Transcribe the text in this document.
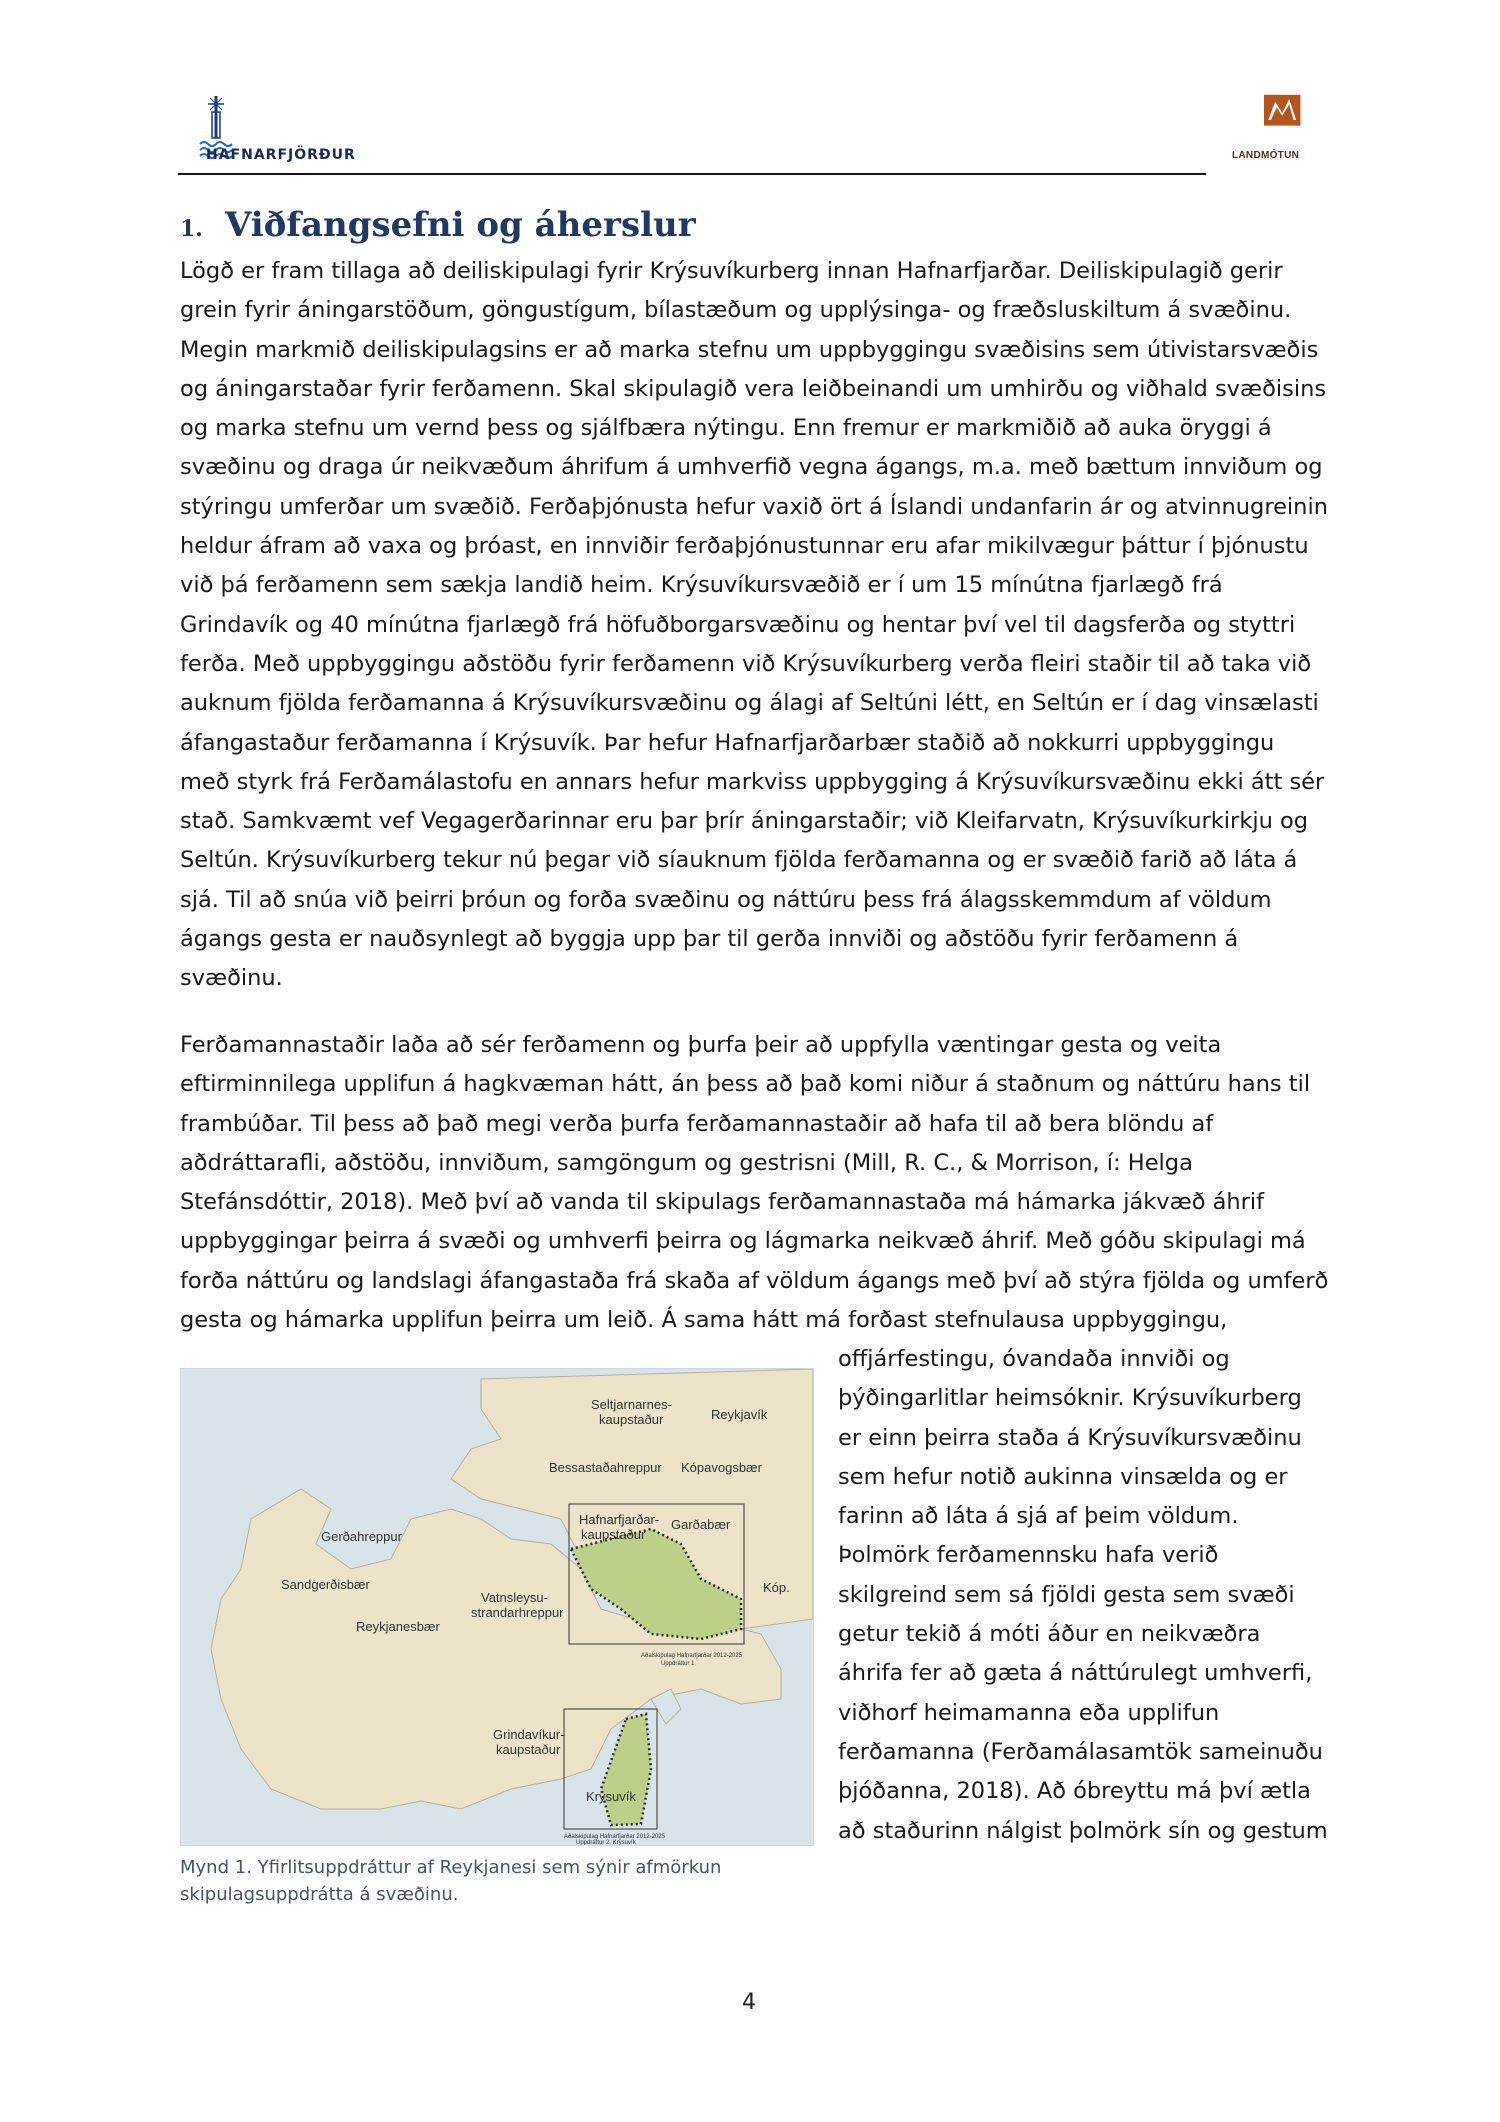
HAFNARFJÖRÐUR	LANDMÓTUN
1. Viðfangsefni og áherslur
Lögð er fram tillaga að deiliskipulagi fyrir Krýsuvíkurberg innan Hafnarfjarðar. Deiliskipulagið gerir
grein fyrir áningarstöðum, göngustígum, bílastæðum og upplýsinga- og fræðsluskiltum á svæðinu.
Megin markmið deiliskipulagsins er að marka stefnu um uppbyggingu svæðisins sem útivistarsvæðis
og áningarstaðar fyrir ferðamenn. Skal skipulagið vera leiðbeinandi um umhirðu og viðhald svæðisins
og marka stefnu um vernd þess og sjálfbæra nýtingu. Enn fremur er markmiðið að auka öryggi á
svæðinu og draga úr neikvæðum áhrifum á umhverfið vegna ágangs, m.a. með bættum innviðum og
stýringu umferðar um svæðið. Ferðaþjónusta hefur vaxið ört á Íslandi undanfarin ár og atvinnugreinin
heldur áfram að vaxa og þróast, en innviðir ferðaþjónustunnar eru afar mikilvægur þáttur í þjónustu
við þá ferðamenn sem sækja landið heim. Krýsuvíkursvæðið er í um 15 mínútna fjarlægð frá
Grindavík og 40 mínútna fjarlægð frá höfuðborgarsvæðinu og hentar því vel til dagsferða og styttri
ferða. Með uppbyggingu aðstöðu fyrir ferðamenn við Krýsuvíkurberg verða fleiri staðir til að taka við
auknum fjölda ferðamanna á Krýsuvíkursvæðinu og álagi af Seltúni létt, en Seltún er í dag vinsælasti
áfangastaður ferðamanna í Krýsuvík. Þar hefur Hafnarfjarðarbær staðið að nokkurri uppbyggingu
með styrk frá Ferðamálastofu en annars hefur markviss uppbygging á Krýsuvíkursvæðinu ekki átt sér
stað. Samkvæmt vef Vegagerðarinnar eru þar þrír áningarstaðir; við Kleifarvatn, Krýsuvíkurkirkju og
Seltún. Krýsuvíkurberg tekur nú þegar við síauknum fjölda ferðamanna og er svæðið farið að láta á
sjá. Til að snúa við þeirri þróun og forða svæðinu og náttúru þess frá álagsskemmdum af völdum
ágangs gesta er nauðsynlegt að byggja upp þar til gerða innviði og aðstöðu fyrir ferðamenn á
svæðinu.
Ferðamannastaðir laða að sér ferðamenn og þurfa þeir að uppfylla væntingar gesta og veita
eftirminnilega upplifun á hagkvæman hátt, án þess að það komi niður á staðnum og náttúru hans til
frambúðar. Til þess að það megi verða þurfa ferðamannastaðir að hafa til að bera blöndu af
aðdráttarafli, aðstöðu, innviðum, samgöngum og gestrisni (Mill, R. C., & Morrison, í: Helga
Stefánsdóttir, 2018). Með því að vanda til skipulags ferðamannastaða má hámarka jákvæð áhrif
uppbyggingar þeirra á svæði og umhverfi þeirra og lágmarka neikvæð áhrif. Með góðu skipulagi má
forða náttúru og landslagi áfangastaða frá skaða af völdum ágangs með því að stýra fjölda og umferð
gesta og hámarka upplifun þeirra um leið. Á sama hátt má forðast stefnulausa uppbyggingu,
offjárfestingu, óvandaða innviði og
þýðingarlitlar heimsóknir. Krýsuvíkurberg
er einn þeirra staða á Krýsuvíkursvæðinu
sem hefur notið aukinna vinsælda og er
farinn að láta á sjá af þeim völdum.
Þolmörk ferðamennsku hafa verið
skilgreind sem sá fjöldi gesta sem svæði
getur tekið á móti áður en neikvæðra
áhrifa fer að gæta á náttúrulegt umhverfi,
viðhorf heimamanna eða upplifun
ferðamanna (Ferðamálasamtök sameinuðu
þjóðanna, 2018). Að óbreyttu má því ætla
að staðurinn nálgist þolmörk sín og gestum
Seltjarnarnes-
kaupstaður	Reykjavík
Bessastaðahreppur Kópavogsbær
Hafnarfjarðar-
kaupstaður
Garðabær
Kóp.
Gerðahreppur
Sandgerðisbær
Vatnsleysu-
strandarhreppur
Reykjanesbær
Grindavíkur-
kaupstaður
Krýsuvík
Aðalskipulag Hafnarfjarðar 2012-2025
Uppdráttur 1
Aðalskipulag Hafnarfjarðar 2012-2025
Uppdráttur 2, Krýsuvík
Mynd 1. Yfirlitsuppdráttur af Reykjanesi sem sýnir afmörkun
skipulagsuppdrátta á svæðinu.
4
